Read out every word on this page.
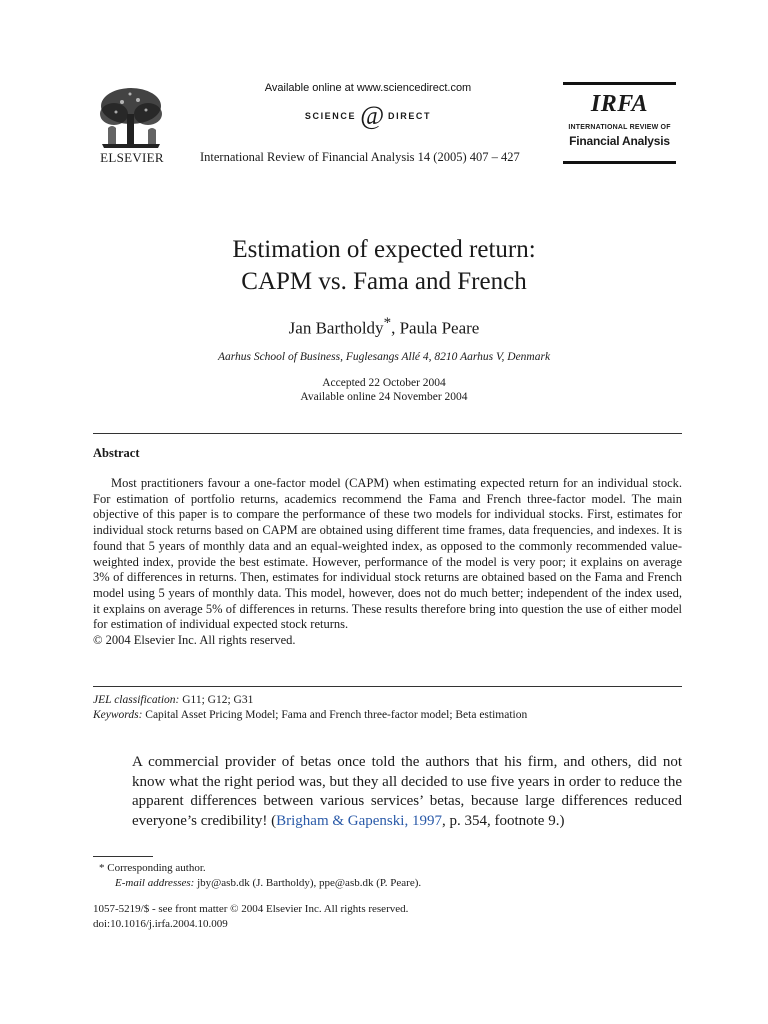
ELSEVIER
Available online at www.sciencedirect.com
SCIENCE @ DIRECT
International Review of Financial Analysis 14 (2005) 407 – 427
IRFA
INTERNATIONAL REVIEW OF
Financial Analysis
Estimation of expected return:
CAPM vs. Fama and French
Jan Bartholdy*, Paula Peare
Aarhus School of Business, Fuglesangs Allé 4, 8210 Aarhus V, Denmark
Accepted 22 October 2004
Available online 24 November 2004
Abstract

Most practitioners favour a one-factor model (CAPM) when estimating expected return for an individual stock. For estimation of portfolio returns, academics recommend the Fama and French three-factor model. The main objective of this paper is to compare the performance of these two models for individual stocks. First, estimates for individual stock returns based on CAPM are obtained using different time frames, data frequencies, and indexes. It is found that 5 years of monthly data and an equal-weighted index, as opposed to the commonly recommended value-weighted index, provide the best estimate. However, performance of the model is very poor; it explains on average 3% of differences in returns. Then, estimates for individual stock returns are obtained based on the Fama and French model using 5 years of monthly data. This model, however, does not do much better; independent of the index used, it explains on average 5% of differences in returns. These results therefore bring into question the use of either model for estimation of individual expected stock returns.

© 2004 Elsevier Inc. All rights reserved.

JEL classification: G11; G12; G31
Keywords: Capital Asset Pricing Model; Fama and French three-factor model; Beta estimation
A commercial provider of betas once told the authors that his firm, and others, did not know what the right period was, but they all decided to use five years in order to reduce the apparent differences between various services’ betas, because large differences reduced everyone’s credibility! (Brigham & Gapenski, 1997, p. 354, footnote 9.)
* Corresponding author.
E-mail addresses: jby@asb.dk (J. Bartholdy), ppe@asb.dk (P. Peare).
1057-5219/$ - see front matter © 2004 Elsevier Inc. All rights reserved.
doi:10.1016/j.irfa.2004.10.009
